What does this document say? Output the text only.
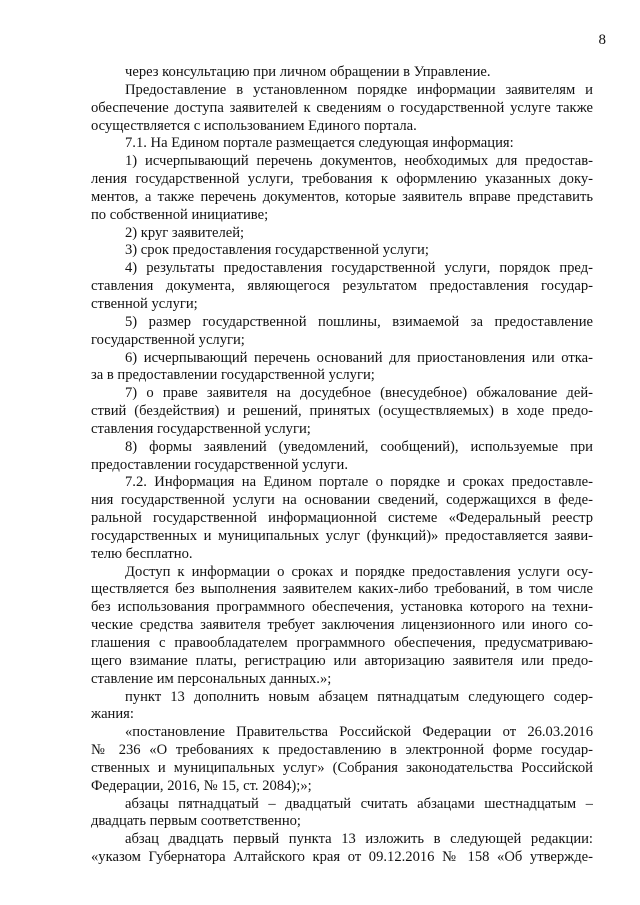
8
через консультацию при личном обращении в Управление.
Предоставление в установленном порядке информации заявителям и
обеспечение доступа заявителей к сведениям о государственной услуге также
осуществляется с использованием Единого портала.
7.1. На Едином портале размещается следующая информация:
1) исчерпывающий перечень документов, необходимых для предостав-
ления государственной услуги, требования к оформлению указанных доку-
ментов, а также перечень документов, которые заявитель вправе представить
по собственной инициативе;
2) круг заявителей;
3) срок предоставления государственной услуги;
4) результаты предоставления государственной услуги, порядок пред-
ставления документа, являющегося результатом предоставления государ-
ственной услуги;
5) размер государственной пошлины, взимаемой за предоставление
государственной услуги;
6) исчерпывающий перечень оснований для приостановления или отка-
за в предоставлении государственной услуги;
7) о праве заявителя на досудебное (внесудебное) обжалование дей-
ствий (бездействия) и решений, принятых (осуществляемых) в ходе предо-
ставления государственной услуги;
8) формы заявлений (уведомлений, сообщений), используемые при
предоставлении государственной услуги.
7.2. Информация на Едином портале о порядке и сроках предоставле-
ния государственной услуги на основании сведений, содержащихся в феде-
ральной государственной информационной системе «Федеральный реестр
государственных и муниципальных услуг (функций)» предоставляется заяви-
телю бесплатно.
Доступ к информации о сроках и порядке предоставления услуги осу-
ществляется без выполнения заявителем каких-либо требований, в том числе
без использования программного обеспечения, установка которого на техни-
ческие средства заявителя требует заключения лицензионного или иного со-
глашения с правообладателем программного обеспечения, предусматриваю-
щего взимание платы, регистрацию или авторизацию заявителя или предо-
ставление им персональных данных.»;
пункт 13 дополнить новым абзацем пятнадцатым следующего содер-
жания:
«постановление Правительства Российской Федерации от 26.03.2016
№ 236 «О требованиях к предоставлению в электронной форме государ-
ственных и муниципальных услуг» (Собрания законодательства Российской
Федерации, 2016, № 15, ст. 2084);»;
абзацы пятнадцатый – двадцатый считать абзацами шестнадцатым –
двадцать первым соответственно;
абзац двадцать первый пункта 13 изложить в следующей редакции:
«указом Губернатора Алтайского края от 09.12.2016 № 158 «Об утвержде-
